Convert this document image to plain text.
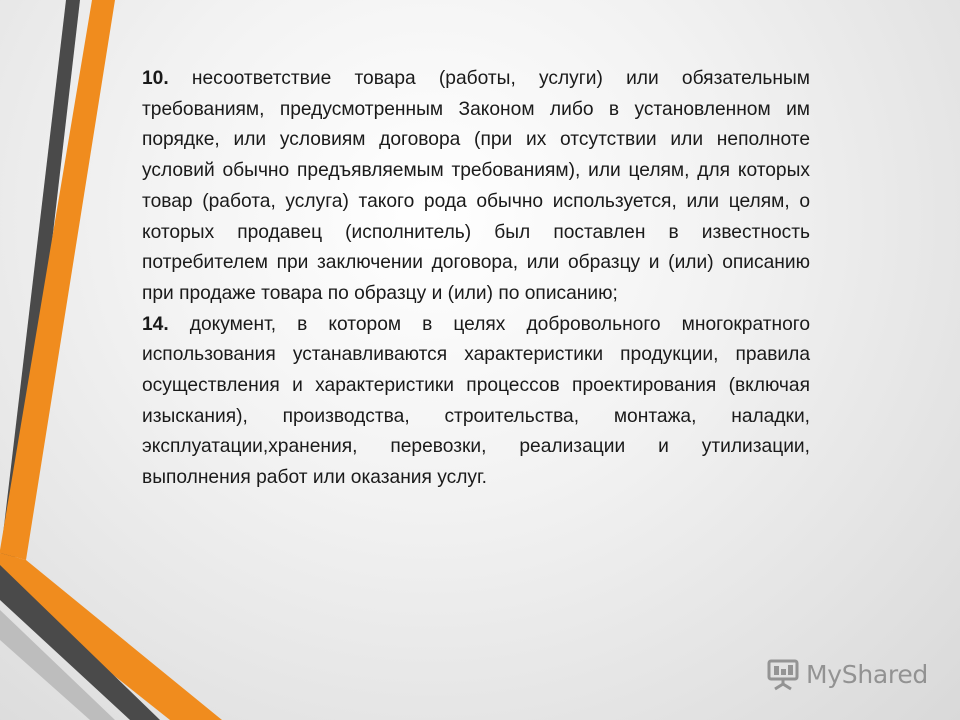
10. несоответствие товара (работы, услуги) или обязательным требованиям, предусмотренным Законом либо в установленном им порядке, или условиям договора (при их отсутствии или неполноте условий обычно предъявляемым требованиям), или целям, для которых товар (работа, услуга) такого рода обычно используется, или целям, о которых продавец (исполнитель) был поставлен в известность потребителем при заключении договора, или образцу и (или) описанию при продаже товара по образцу и (или) по описанию;

14. документ, в котором в целях добровольного многократного использования устанавливаются характеристики продукции, правила осуществления и характеристики процессов проектирования (включая изыскания), производства, строительства, монтажа, наладки, эксплуатации,хранения, перевозки, реализации и утилизации, выполнения работ или оказания услуг.

MyShared
